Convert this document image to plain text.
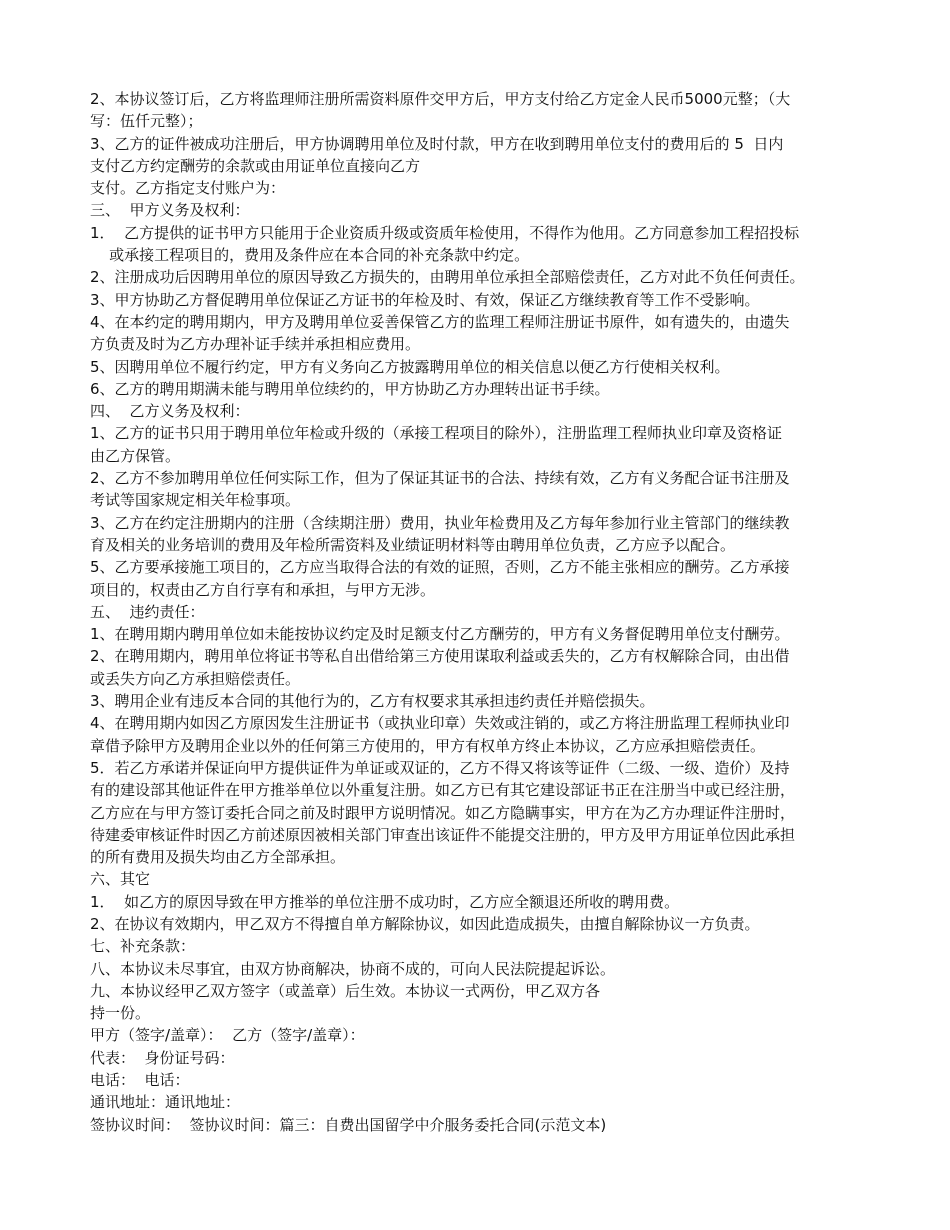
2、本协议签订后，乙方将监理师注册所需资料原件交甲方后，甲方支付给乙方定金人民币5000元整；（大
写：伍仟元整）；
3、乙方的证件被成功注册后，甲方协调聘用单位及时付款，甲方在收到聘用单位支付的费用后的 5  日内
支付乙方约定酬劳的余款或由用证单位直接向乙方
支付。乙方指定支付账户为：
三、  甲方义务及权利：
1．  乙方提供的证书甲方只能用于企业资质升级或资质年检使用，不得作为他用。乙方同意参加工程招投标
或承接工程项目的，费用及条件应在本合同的补充条款中约定。
2、注册成功后因聘用单位的原因导致乙方损失的，由聘用单位承担全部赔偿责任，乙方对此不负任何责任。
3、甲方协助乙方督促聘用单位保证乙方证书的年检及时、有效，保证乙方继续教育等工作不受影响。
4、在本约定的聘用期内，甲方及聘用单位妥善保管乙方的监理工程师注册证书原件，如有遗失的，由遗失
方负责及时为乙方办理补证手续并承担相应费用。
5、因聘用单位不履行约定，甲方有义务向乙方披露聘用单位的相关信息以便乙方行使相关权利。
6、乙方的聘用期满未能与聘用单位续约的，甲方协助乙方办理转出证书手续。
四、  乙方义务及权利：
1、乙方的证书只用于聘用单位年检或升级的（承接工程项目的除外），注册监理工程师执业印章及资格证
由乙方保管。
2、乙方不参加聘用单位任何实际工作，但为了保证其证书的合法、持续有效，乙方有义务配合证书注册及
考试等国家规定相关年检事项。
3、乙方在约定注册期内的注册（含续期注册）费用，执业年检费用及乙方每年参加行业主管部门的继续教
育及相关的业务培训的费用及年检所需资料及业绩证明材料等由聘用单位负责，乙方应予以配合。
5、乙方要承接施工项目的，乙方应当取得合法的有效的证照，否则，乙方不能主张相应的酬劳。乙方承接
项目的，权责由乙方自行享有和承担，与甲方无涉。
五、  违约责任：
1、在聘用期内聘用单位如未能按协议约定及时足额支付乙方酬劳的，甲方有义务督促聘用单位支付酬劳。
2、在聘用期内，聘用单位将证书等私自出借给第三方使用谋取利益或丢失的，乙方有权解除合同，由出借
或丢失方向乙方承担赔偿责任。
3、聘用企业有违反本合同的其他行为的，乙方有权要求其承担违约责任并赔偿损失。
4、在聘用期内如因乙方原因发生注册证书（或执业印章）失效或注销的，或乙方将注册监理工程师执业印
章借予除甲方及聘用企业以外的任何第三方使用的，甲方有权单方终止本协议，乙方应承担赔偿责任。
5．若乙方承诺并保证向甲方提供证件为单证或双证的，乙方不得又将该等证件（二级、一级、造价）及持
有的建设部其他证件在甲方推举单位以外重复注册。如乙方已有其它建设部证书正在注册当中或已经注册，
乙方应在与甲方签订委托合同之前及时跟甲方说明情况。如乙方隐瞒事实，甲方在为乙方办理证件注册时，
待建委审核证件时因乙方前述原因被相关部门审查出该证件不能提交注册的，甲方及甲方用证单位因此承担
的所有费用及损失均由乙方全部承担。
六、其它
1．  如乙方的原因导致在甲方推举的单位注册不成功时，乙方应全额退还所收的聘用费。
2、在协议有效期内，甲乙双方不得擅自单方解除协议，如因此造成损失，由擅自解除协议一方负责。
七、补充条款：
八、本协议未尽事宜，由双方协商解决，协商不成的，可向人民法院提起诉讼。
九、本协议经甲乙双方签字（或盖章）后生效。本协议一式两份，甲乙双方各
持一份。
甲方（签字/盖章）：  乙方（签字/盖章）：
代表：  身份证号码：
电话：  电话：
通讯地址：通讯地址：
签协议时间：  签协议时间：篇三：自费出国留学中介服务委托合同(示范文本)
